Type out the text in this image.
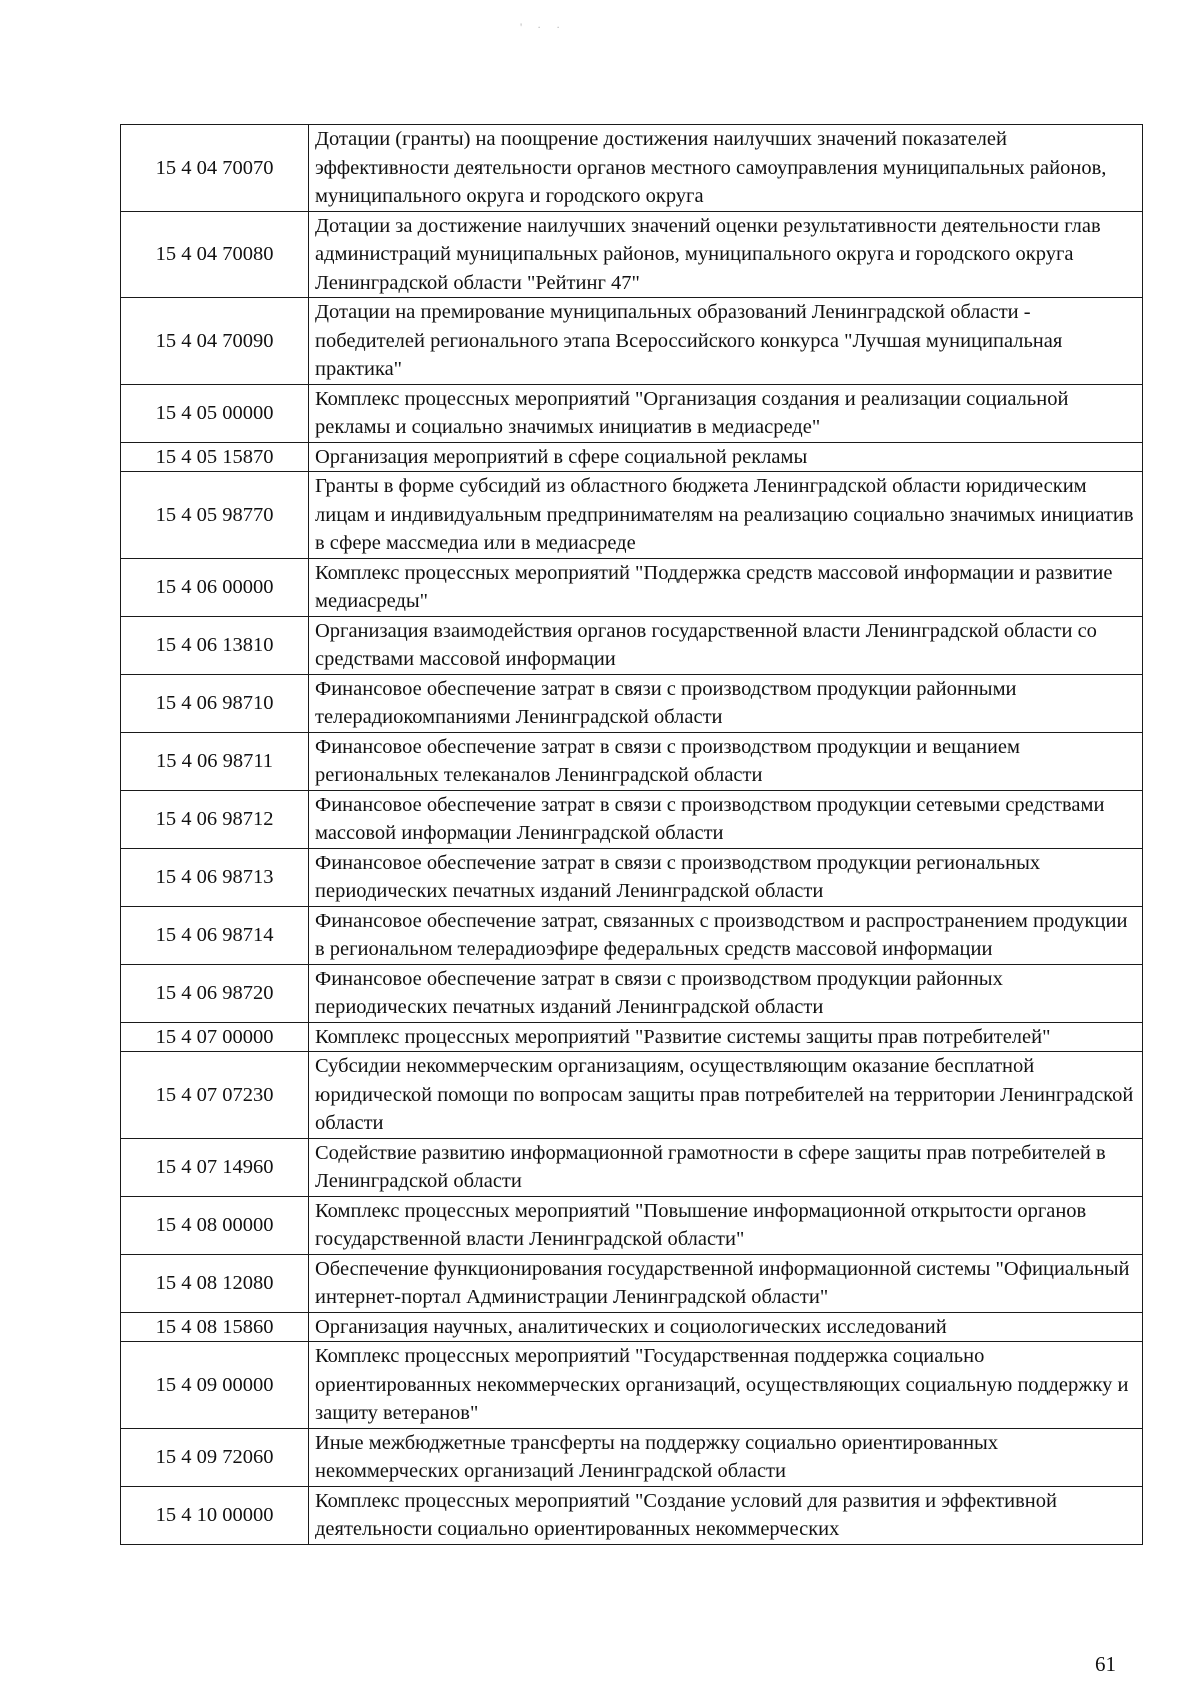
' · ·
15 4 04 70070	Дотации (гранты) на поощрение достижения наилучших значений показателей эффективности деятельности органов местного самоуправления муниципальных районов, муниципального округа и городского округа
15 4 04 70080	Дотации за достижение наилучших значений оценки результативности деятельности глав администраций муниципальных районов, муниципального округа и городского округа Ленинградской области "Рейтинг 47"
15 4 04 70090	Дотации на премирование муниципальных образований Ленинградской области - победителей регионального этапа Всероссийского конкурса "Лучшая муниципальная практика"
15 4 05 00000	Комплекс процессных мероприятий "Организация создания и реализации социальной рекламы и социально значимых инициатив в медиасреде"
15 4 05 15870	Организация мероприятий в сфере социальной рекламы
15 4 05 98770	Гранты в форме субсидий из областного бюджета Ленинградской области юридическим лицам и индивидуальным предпринимателям на реализацию социально значимых инициатив в сфере массмедиа или в медиасреде
15 4 06 00000	Комплекс процессных мероприятий "Поддержка средств массовой информации и развитие медиасреды"
15 4 06 13810	Организация взаимодействия органов государственной власти Ленинградской области со средствами массовой информации
15 4 06 98710	Финансовое обеспечение затрат в связи с производством продукции районными телерадиокомпаниями Ленинградской области
15 4 06 98711	Финансовое обеспечение затрат в связи с производством продукции и вещанием региональных телеканалов Ленинградской области
15 4 06 98712	Финансовое обеспечение затрат в связи с производством продукции сетевыми средствами массовой информации Ленинградской области
15 4 06 98713	Финансовое обеспечение затрат в связи с производством продукции региональных периодических печатных изданий Ленинградской области
15 4 06 98714	Финансовое обеспечение затрат, связанных с производством и распространением продукции в региональном телерадиоэфире федеральных средств массовой информации
15 4 06 98720	Финансовое обеспечение затрат в связи с производством продукции районных периодических печатных изданий Ленинградской области
15 4 07 00000	Комплекс процессных мероприятий "Развитие системы защиты прав потребителей"
15 4 07 07230	Субсидии некоммерческим организациям, осуществляющим оказание бесплатной юридической помощи по вопросам защиты прав потребителей на территории Ленинградской области
15 4 07 14960	Содействие развитию информационной грамотности в сфере защиты прав потребителей в Ленинградской области
15 4 08 00000	Комплекс процессных мероприятий "Повышение информационной открытости органов государственной власти Ленинградской области"
15 4 08 12080	Обеспечение функционирования государственной информационной системы "Официальный интернет-портал Администрации Ленинградской области"
15 4 08 15860	Организация научных, аналитических и социологических исследований
15 4 09 00000	Комплекс процессных мероприятий "Государственная поддержка социально ориентированных некоммерческих организаций, осуществляющих социальную поддержку и защиту ветеранов"
15 4 09 72060	Иные межбюджетные трансферты на поддержку социально ориентированных некоммерческих организаций Ленинградской области
15 4 10 00000	Комплекс процессных мероприятий "Создание условий для развития и эффективной деятельности социально ориентированных некоммерческих
61
